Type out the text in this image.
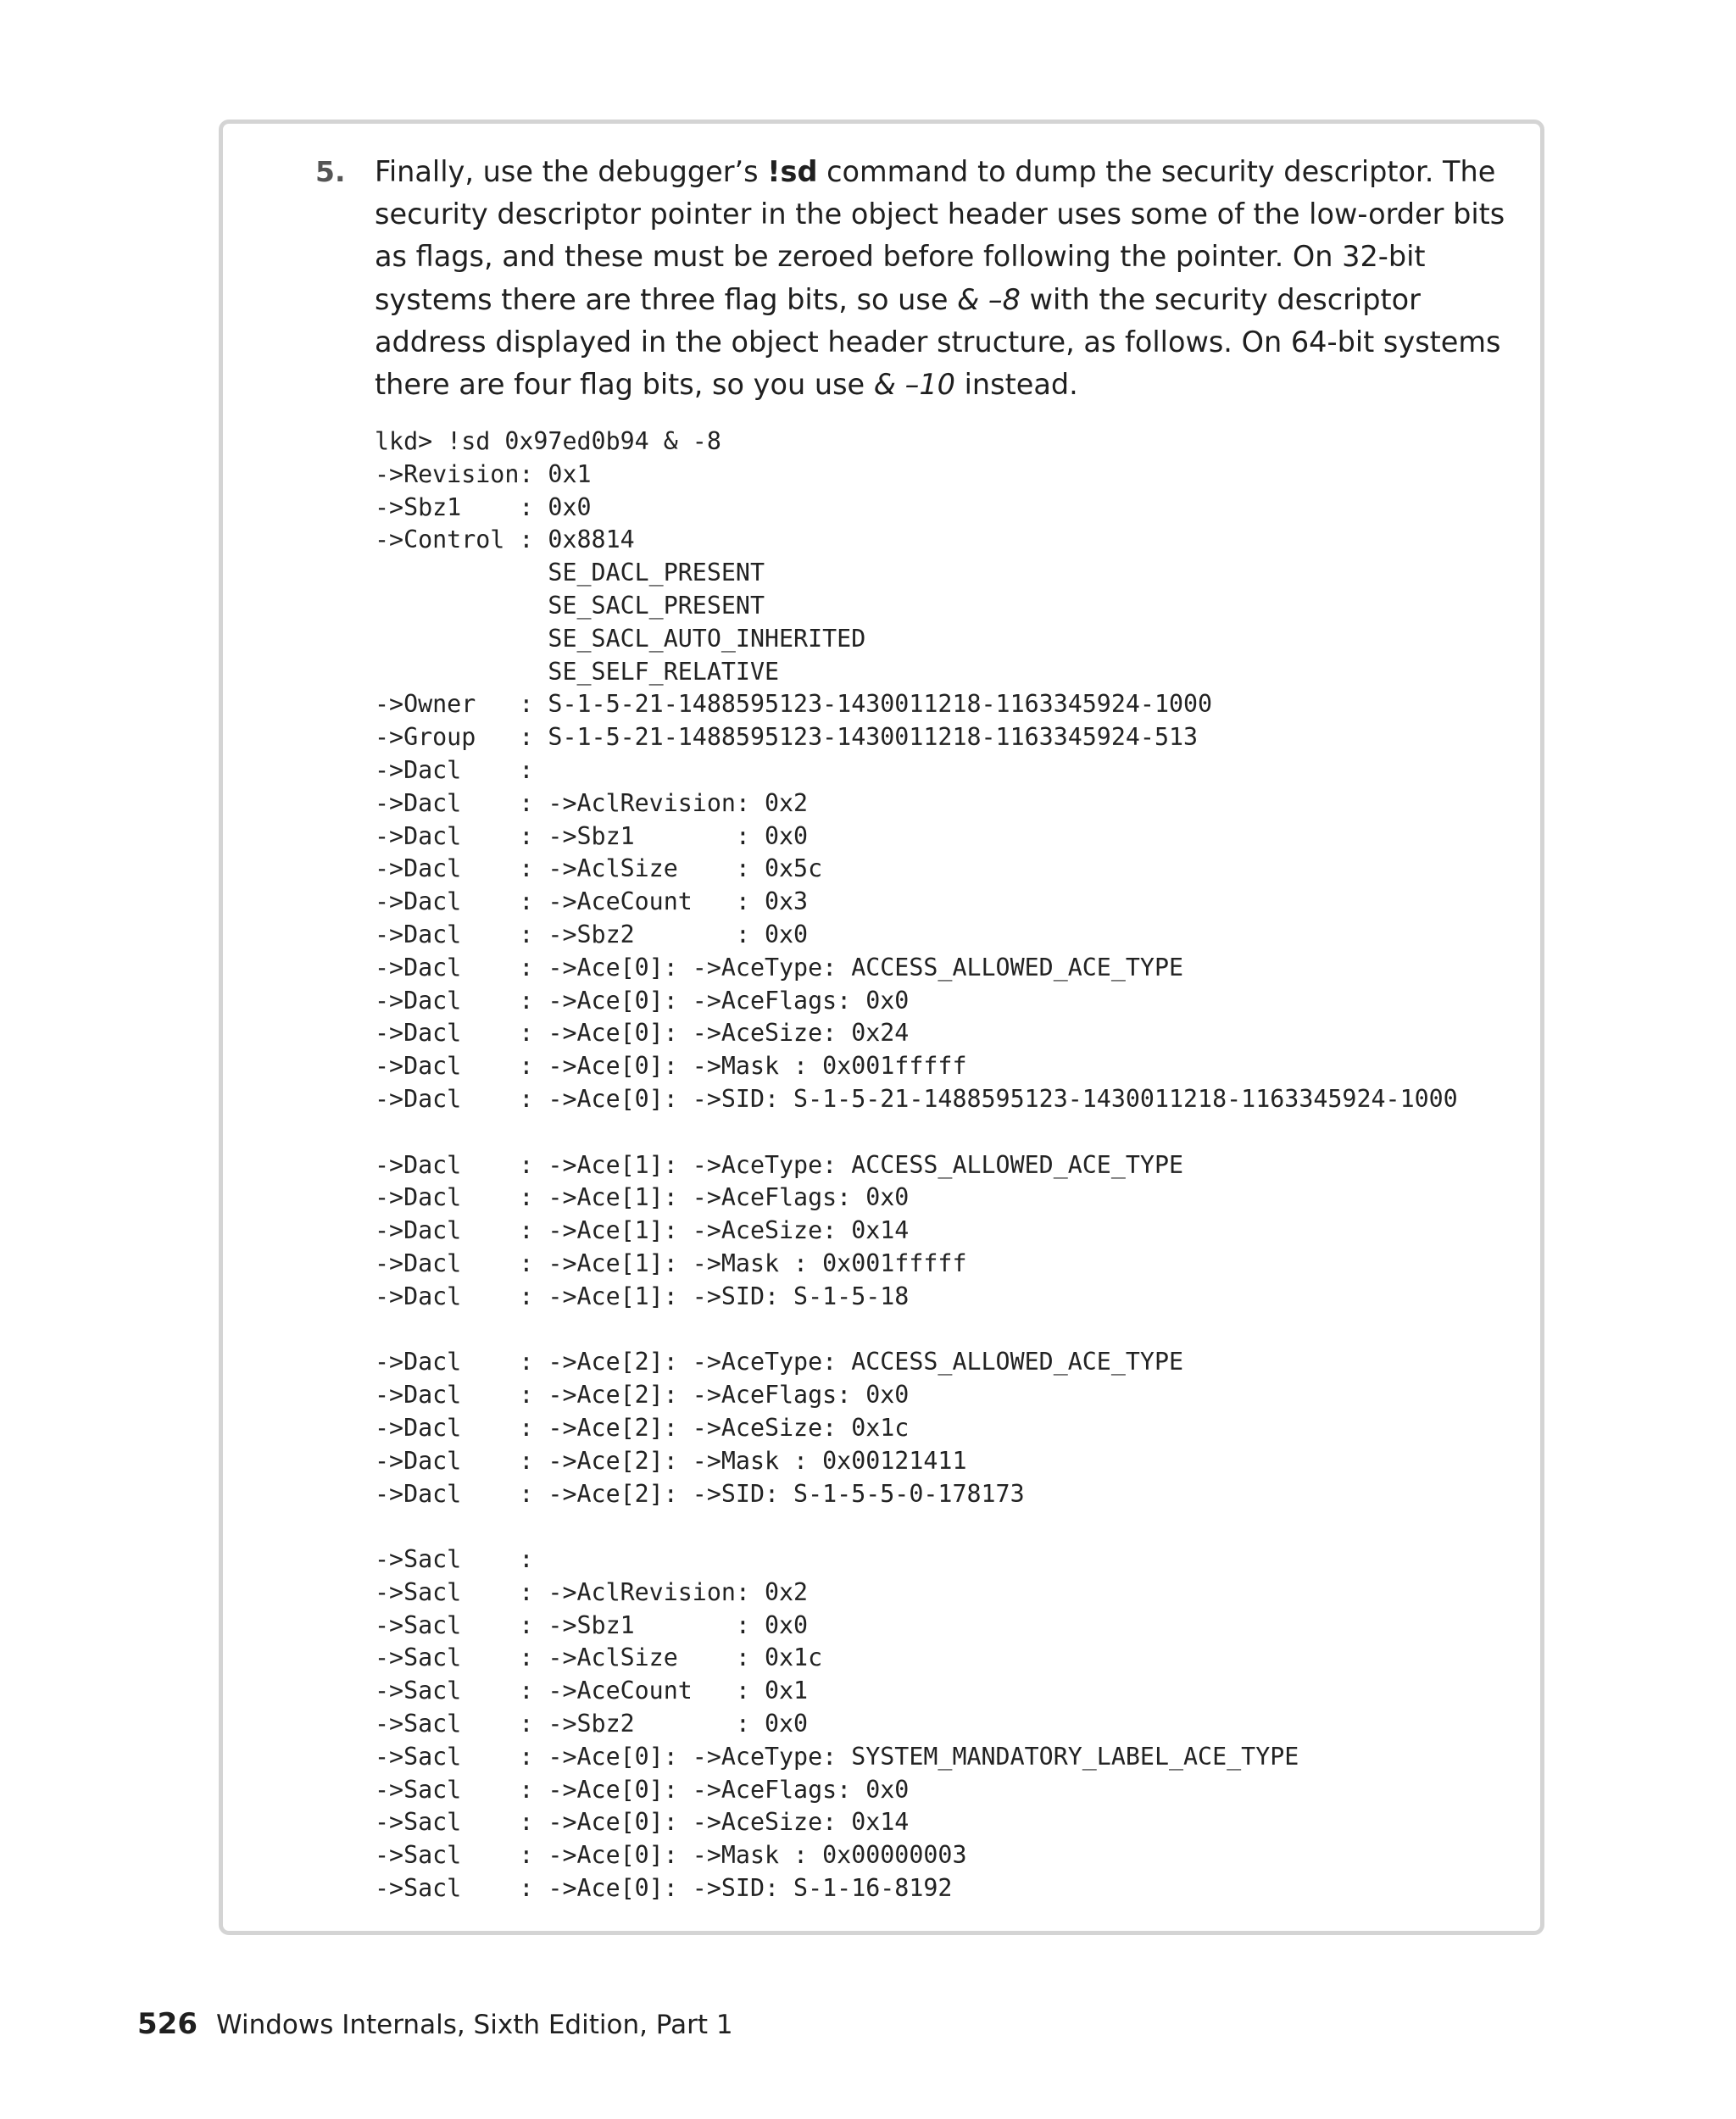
5. Finally, use the debugger’s !sd command to dump the security descriptor. The security descriptor pointer in the object header uses some of the low-order bits as flags, and these must be zeroed before following the pointer. On 32-bit systems there are three flag bits, so use & –8 with the security descriptor address displayed in the object header structure, as follows. On 64-bit systems there are four flag bits, so you use & –10 instead.
lkd> !sd 0x97ed0b94 & -8
->Revision: 0x1
->Sbz1    : 0x0
->Control : 0x8814
SE_DACL_PRESENT
SE_SACL_PRESENT
SE_SACL_AUTO_INHERITED
SE_SELF_RELATIVE
->Owner   : S-1-5-21-1488595123-1430011218-1163345924-1000
->Group   : S-1-5-21-1488595123-1430011218-1163345924-513
->Dacl    :
->Dacl    : ->AclRevision: 0x2
->Dacl    : ->Sbz1       : 0x0
->Dacl    : ->AclSize    : 0x5c
->Dacl    : ->AceCount   : 0x3
->Dacl    : ->Sbz2       : 0x0
->Dacl    : ->Ace[0]: ->AceType: ACCESS_ALLOWED_ACE_TYPE
->Dacl    : ->Ace[0]: ->AceFlags: 0x0
->Dacl    : ->Ace[0]: ->AceSize: 0x24
->Dacl    : ->Ace[0]: ->Mask : 0x001fffff
->Dacl    : ->Ace[0]: ->SID: S-1-5-21-1488595123-1430011218-1163345924-1000
->Dacl    : ->Ace[1]: ->AceType: ACCESS_ALLOWED_ACE_TYPE
->Dacl    : ->Ace[1]: ->AceFlags: 0x0
->Dacl    : ->Ace[1]: ->AceSize: 0x14
->Dacl    : ->Ace[1]: ->Mask : 0x001fffff
->Dacl    : ->Ace[1]: ->SID: S-1-5-18
->Dacl    : ->Ace[2]: ->AceType: ACCESS_ALLOWED_ACE_TYPE
->Dacl    : ->Ace[2]: ->AceFlags: 0x0
->Dacl    : ->Ace[2]: ->AceSize: 0x1c
->Dacl    : ->Ace[2]: ->Mask : 0x00121411
->Dacl    : ->Ace[2]: ->SID: S-1-5-5-0-178173
->Sacl    :
->Sacl    : ->AclRevision: 0x2
->Sacl    : ->Sbz1       : 0x0
->Sacl    : ->AclSize    : 0x1c
->Sacl    : ->AceCount   : 0x1
->Sacl    : ->Sbz2       : 0x0
->Sacl    : ->Ace[0]: ->AceType: SYSTEM_MANDATORY_LABEL_ACE_TYPE
->Sacl    : ->Ace[0]: ->AceFlags: 0x0
->Sacl    : ->Ace[0]: ->AceSize: 0x14
->Sacl    : ->Ace[0]: ->Mask : 0x00000003
->Sacl    : ->Ace[0]: ->SID: S-1-16-8192
526 Windows Internals, Sixth Edition, Part 1
